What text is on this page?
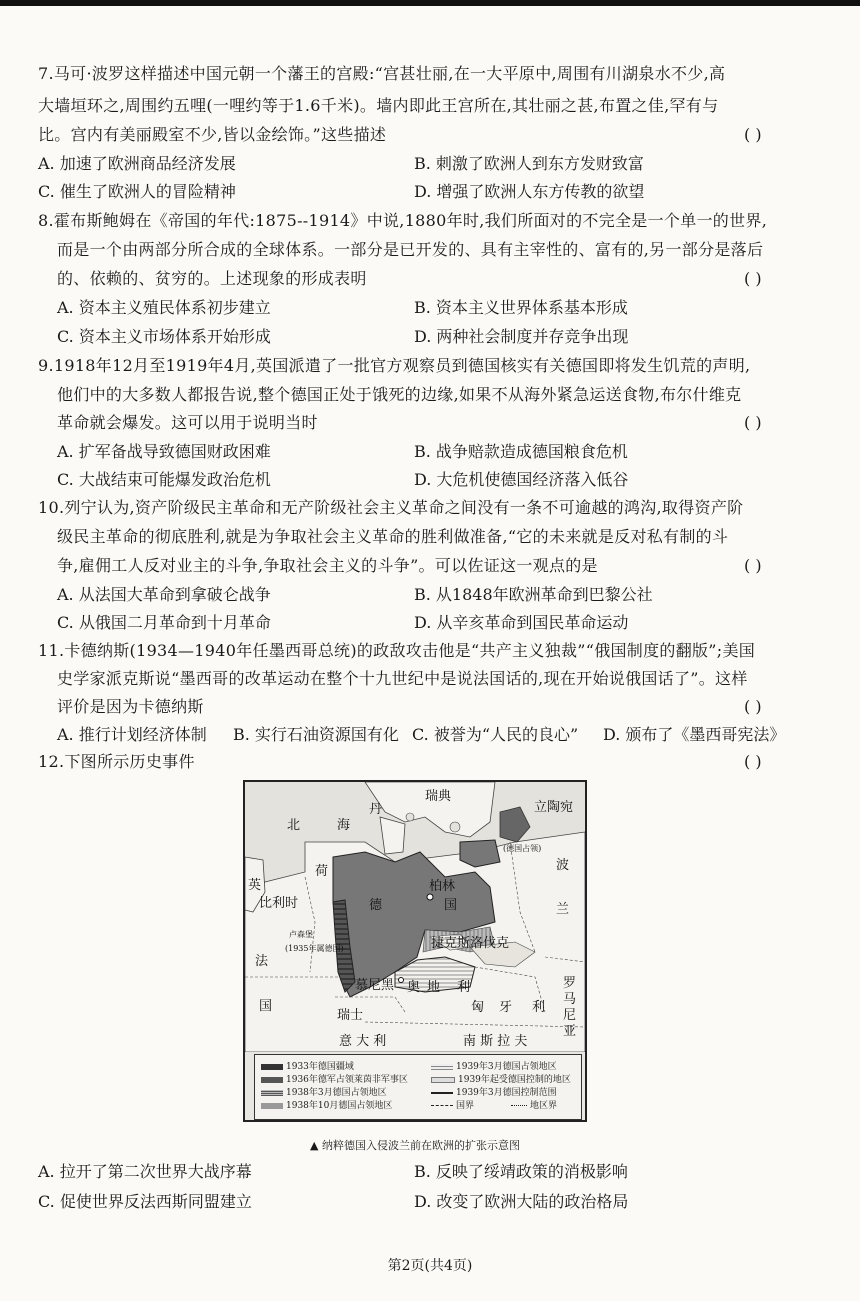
7.马可·波罗这样描述中国元朝一个藩王的宫殿:“宫甚壮丽,在一大平原中,周围有川湖泉水不少,高
大墙垣环之,周围约五哩(一哩约等于1.6千米)。墙内即此王宫所在,其壮丽之甚,布置之佳,罕有与
比。宫内有美丽殿室不少,皆以金绘饰。”这些描述	( )
A. 加速了欧洲商品经济发展	B. 刺激了欧洲人到东方发财致富
C. 催生了欧洲人的冒险精神	D. 增强了欧洲人东方传教的欲望
8.霍布斯鲍姆在《帝国的年代:1875--1914》中说,1880年时,我们所面对的不完全是一个单一的世界,
而是一个由两部分所合成的全球体系。一部分是已开发的、具有主宰性的、富有的,另一部分是落后
的、依赖的、贫穷的。上述现象的形成表明	( )
A. 资本主义殖民体系初步建立	B. 资本主义世界体系基本形成
C. 资本主义市场体系开始形成	D. 两种社会制度并存竞争出现
9.1918年12月至1919年4月,英国派遣了一批官方观察员到德国核实有关德国即将发生饥荒的声明,
他们中的大多数人都报告说,整个德国正处于饿死的边缘,如果不从海外紧急运送食物,布尔什维克
革命就会爆发。这可以用于说明当时	( )
A. 扩军备战导致德国财政困难	B. 战争赔款造成德国粮食危机
C. 大战结束可能爆发政治危机	D. 大危机使德国经济落入低谷
10.列宁认为,资产阶级民主革命和无产阶级社会主义革命之间没有一条不可逾越的鸿沟,取得资产阶
级民主革命的彻底胜利,就是为争取社会主义革命的胜利做准备,“它的未来就是反对私有制的斗
争,雇佣工人反对业主的斗争,争取社会主义的斗争”。可以佐证这一观点的是	( )
A. 从法国大革命到拿破仑战争	B. 从1848年欧洲革命到巴黎公社
C. 从俄国二月革命到十月革命	D. 从辛亥革命到国民革命运动
11.卡德纳斯(1934—1940年任墨西哥总统)的政敌攻击他是“共产主义独裁”“俄国制度的翻版”;美国
史学家派克斯说“墨西哥的改革运动在整个十九世纪中是说法国话的,现在开始说俄国话了”。这样
评价是因为卡德纳斯	( )
A. 推行计划经济体制 B. 实行石油资源国有化 C. 被誉为“人民的良心” D. 颁布了《墨西哥宪法》
12.下图所示历史事件	( )
北	海
丹
瑞典
立陶宛
(德国占领)
波
兰
英
荷
比利时
柏林
德	国
卢森堡
(1935年属德国)
法
国
捷克斯洛伐克
慕尼黑 奥 地 利
匈 牙 利
罗
马
尼
亚
瑞士
意 大 利	南 斯 拉 夫
1933年德国疆域	1939年3月德国占领地区
1936年德军占领莱茵非军事区	1939年起受德国控制的地区
1938年3月德国占领地区	1939年3月德国控制范围
1938年10月德国占领地区	国界	地区界
▲ 纳粹德国入侵波兰前在欧洲的扩张示意图
A. 拉开了第二次世界大战序幕	B. 反映了绥靖政策的消极影响
C. 促使世界反法西斯同盟建立	D. 改变了欧洲大陆的政治格局
第2页(共4页)
